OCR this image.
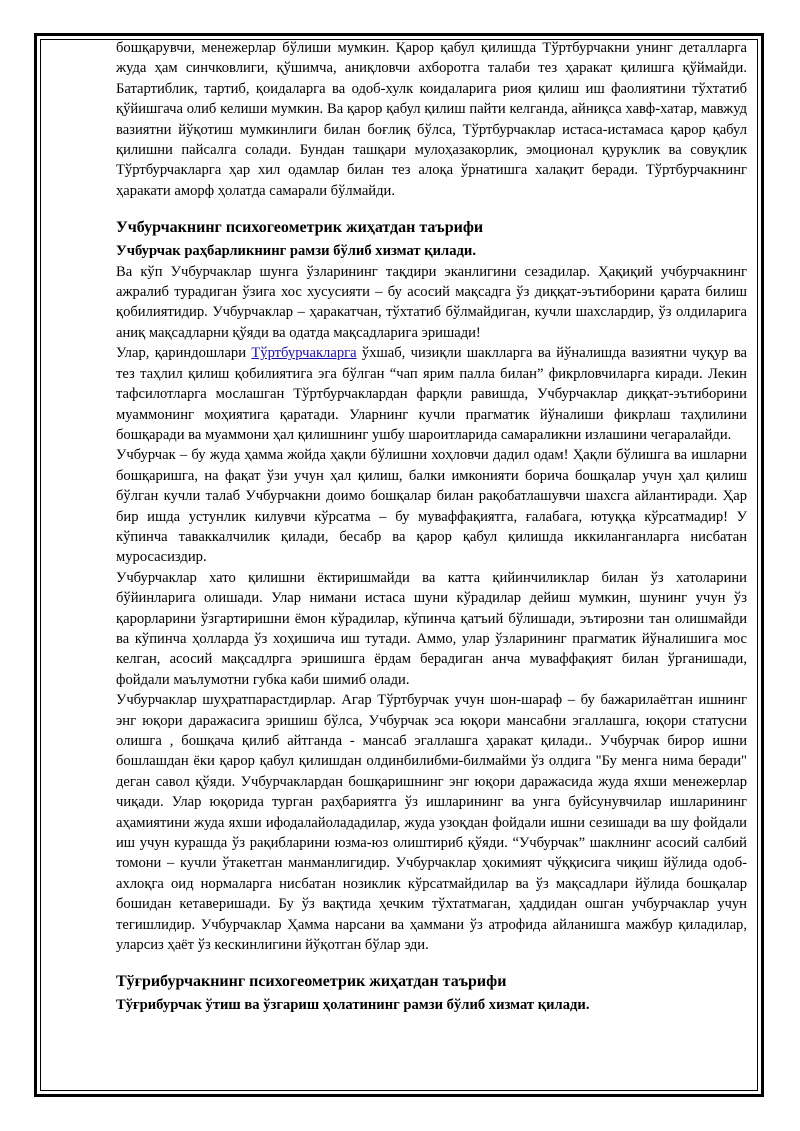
бошқарувчи, менежерлар бўлиши мумкин. Қарор қабул қилишда Тўртбурчакни унинг деталларга жуда ҳам синчковлиги, қўшимча, аниқловчи ахборотга талаби тез ҳаракат қилишга қўймайди. Батартиблик, тартиб, қоидаларга ва одоб-хулк коидаларига риоя қилиш иш фаолиятини тўхтатиб қўйишгача олиб келиши мумкин. Ва қарор қабул қилиш пайти келганда, айниқса хавф-хатар, мавжуд вазиятни йўқотиш мумкинлиги билан боғлиқ бўлса, Тўртбурчаклар истаса-истамаса қарор қабул қилишни пайсалга солади. Бундан ташқари мулоҳазакорлик, эмоционал қуруклик ва совуқлик Тўртбурчакларга ҳар хил одамлар билан тез алоқа ўрнатишга халақит беради. Тўртбурчакнинг ҳаракати аморф ҳолатда самарали бўлмайди.

Учбурчакнинг психогеометрик жиҳатдан таърифи

Учбурчак раҳбарликнинг рамзи бўлиб хизмат қилади.

Ва кўп Учбурчаклар шунга ўзларининг тақдири эканлигини сезадилар. Ҳақиқий учбурчакнинг ажралиб турадиган ўзига хос хусусияти – бу асосий мақсадга ўз диққат-эътиборини қарата билиш қобилиятидир. Учбурчаклар – ҳаракатчан, тўхтатиб бўлмайдиган, кучли шахслардир, ўз олдиларига аниқ мақсадларни қўяди ва одатда мақсадларига эришади!

Улар, қариндошлари Тўртбурчакларга ўхшаб, чизиқли шаклларга ва йўналишда вазиятни чуқур ва тез таҳлил қилиш қобилиятига эга бўлган “чап ярим палла билан” фикрловчиларга киради. Лекин тафсилотларга мослашган Тўртбурчаклардан фарқли равишда, Учбурчаклар диққат-эътиборини муаммонинг моҳиятига қаратади. Уларнинг кучли прагматик йўналиши фикрлаш таҳлилини бошқаради ва муаммони ҳал қилишнинг ушбу шароитларида самараликни излашини чегаралайди.

Учбурчак – бу жуда ҳамма жойда ҳақли бўлишни хоҳловчи дадил одам! Ҳақли бўлишга ва ишларни бошқаришга, на фақат ўзи учун ҳал қилиш, балки имконияти борича бошқалар учун ҳал қилиш бўлган кучли талаб Учбурчакни доимо бошқалар билан рақобатлашувчи шахсга айлантиради. Ҳар бир ишда устунлик килувчи кўрсатма – бу муваффақиятга, ғалабага, ютуққа кўрсатмадир! У кўпинча таваккалчилик қилади, бесабр ва қарор қабул қилишда иккиланганларга нисбатан муросасиздир.

Учбурчаклар хато қилишни ёктиришмайди ва катта қийинчиликлар билан ўз хатоларини бўйинларига олишади. Улар нимани истаса шуни кўрадилар дейиш мумкин, шунинг учун ўз қарорларини ўзгартиришни ёмон кўрадилар, кўпинча қатъий бўлишади, эътирозни тан олишмайди ва кўпинча ҳолларда ўз хоҳишича иш тутади. Аммо, улар ўзларининг прагматик йўналишига мос келган, асосий мақсадлрга эришишга ёрдам берадиган анча муваффақият билан ўрганишади, фойдали маълумотни губка каби шимиб олади.

Учбурчаклар шуҳратпарастдирлар. Агар Тўртбурчак учун шон-шараф – бу бажарилаётган ишнинг энг юқори даражасига эришиш бўлса, Учбурчак эса юқори мансабни эгаллашга, юқори статусни олишга , бошқача қилиб айтганда - мансаб эгаллашга ҳаракат қилади.. Учбурчак бирор ишни бошлашдан ёки қарор қабул қилишдан олдинбилибми-билмайми ўз олдига "Бу менга нима беради" деган савол қўяди. Учбурчаклардан бошқаришнинг энг юқори даражасида жуда яхши менежерлар чиқади. Улар юқорида турган раҳбариятга ўз ишларининг ва унга буйсунувчилар ишларининг аҳамиятини жуда яхши ифодалайолададилар, жуда узоқдан фойдали ишни сезишади ва шу фойдали иш учун курашда ўз рақибларини юзма-юз олиштириб қўяди. “Учбурчак” шаклнинг асосий салбий томони – кучли ўтакетган манманлигидир. Учбурчаклар ҳокимият чўққисига чиқиш йўлида одоб-ахлоқга оид нормаларга нисбатан нозиклик кўрсатмайдилар ва ўз мақсадлари йўлида бошқалар бошидан кетаверишади. Бу ўз вақтида ҳечким тўхтатмаган, ҳаддидан ошган учбурчаклар учун тегишлидир. Учбурчаклар Ҳамма нарсани ва ҳаммани ўз атрофида айланишга мажбур қиладилар, уларсиз ҳаёт ўз кескинлигини йўқотган бўлар эди.

Тўғрибурчакнинг психогеометрик жиҳатдан таърифи

Тўғрибурчак ўтиш ва ўзгариш ҳолатининг рамзи бўлиб хизмат қилади.
